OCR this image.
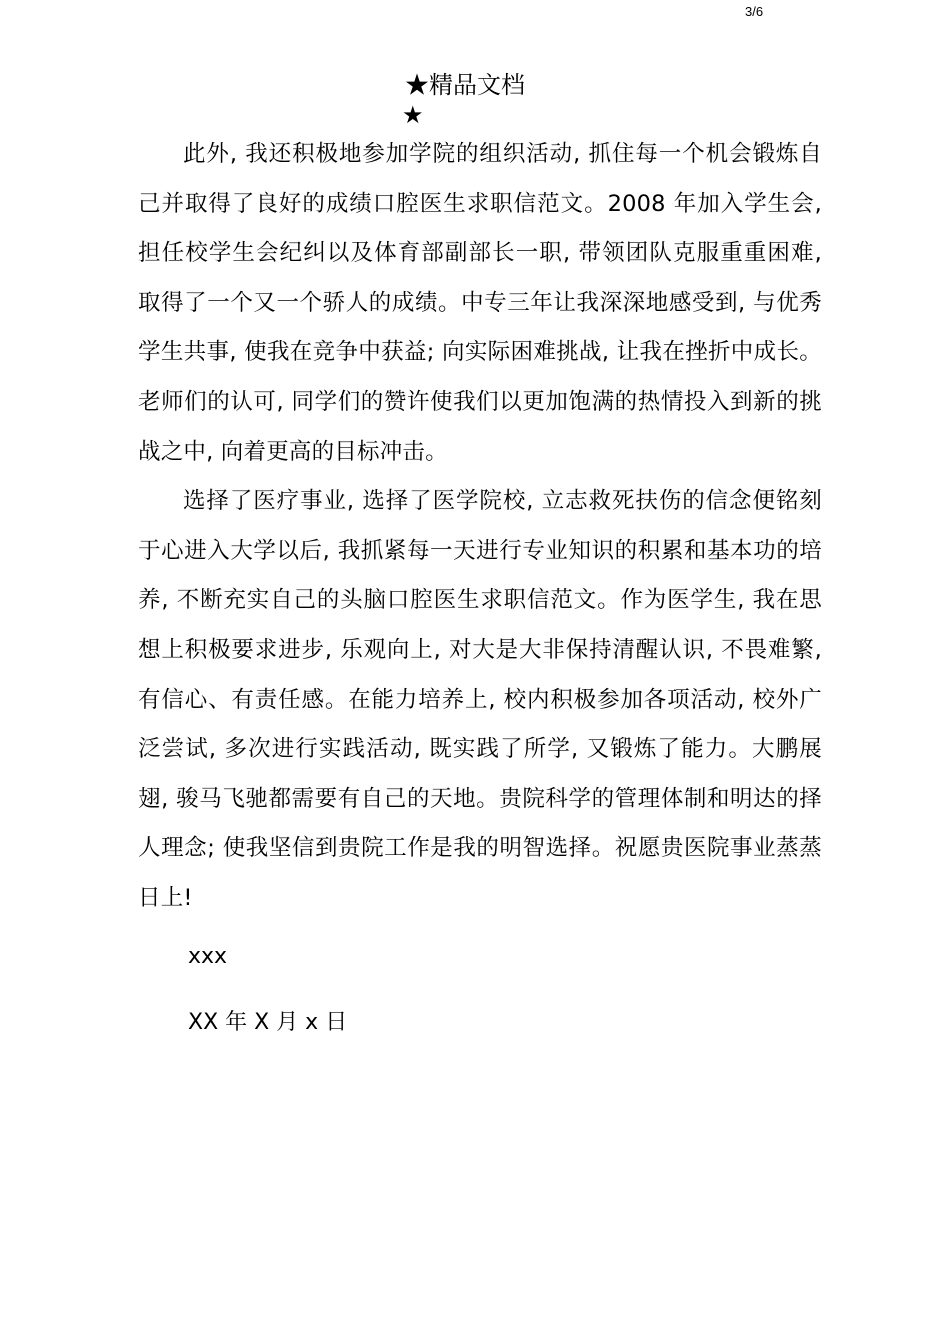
3/6
★精品文档
★

此外, 我还积极地参加学院的组织活动, 抓住每一个机会锻炼自己并取得了良好的成绩口腔医生求职信范文。2008 年加入学生会, 担任校学生会纪纠以及体育部副部长一职, 带领团队克服重重困难, 取得了一个又一个骄人的成绩。中专三年让我深深地感受到, 与优秀学生共事, 使我在竞争中获益; 向实际困难挑战, 让我在挫折中成长。老师们的认可, 同学们的赞许使我们以更加饱满的热情投入到新的挑战之中, 向着更高的目标冲击。

选择了医疗事业, 选择了医学院校, 立志救死扶伤的信念便铭刻于心进入大学以后, 我抓紧每一天进行专业知识的积累和基本功的培养, 不断充实自己的头脑口腔医生求职信范文。作为医学生, 我在思想上积极要求进步, 乐观向上, 对大是大非保持清醒认识, 不畏难繁, 有信心、有责任感。在能力培养上, 校内积极参加各项活动, 校外广泛尝试, 多次进行实践活动, 既实践了所学, 又锻炼了能力。大鹏展翅, 骏马飞驰都需要有自己的天地。贵院科学的管理体制和明达的择人理念; 使我坚信到贵院工作是我的明智选择。祝愿贵医院事业蒸蒸日上!

xxx
XX 年 X 月 x 日
